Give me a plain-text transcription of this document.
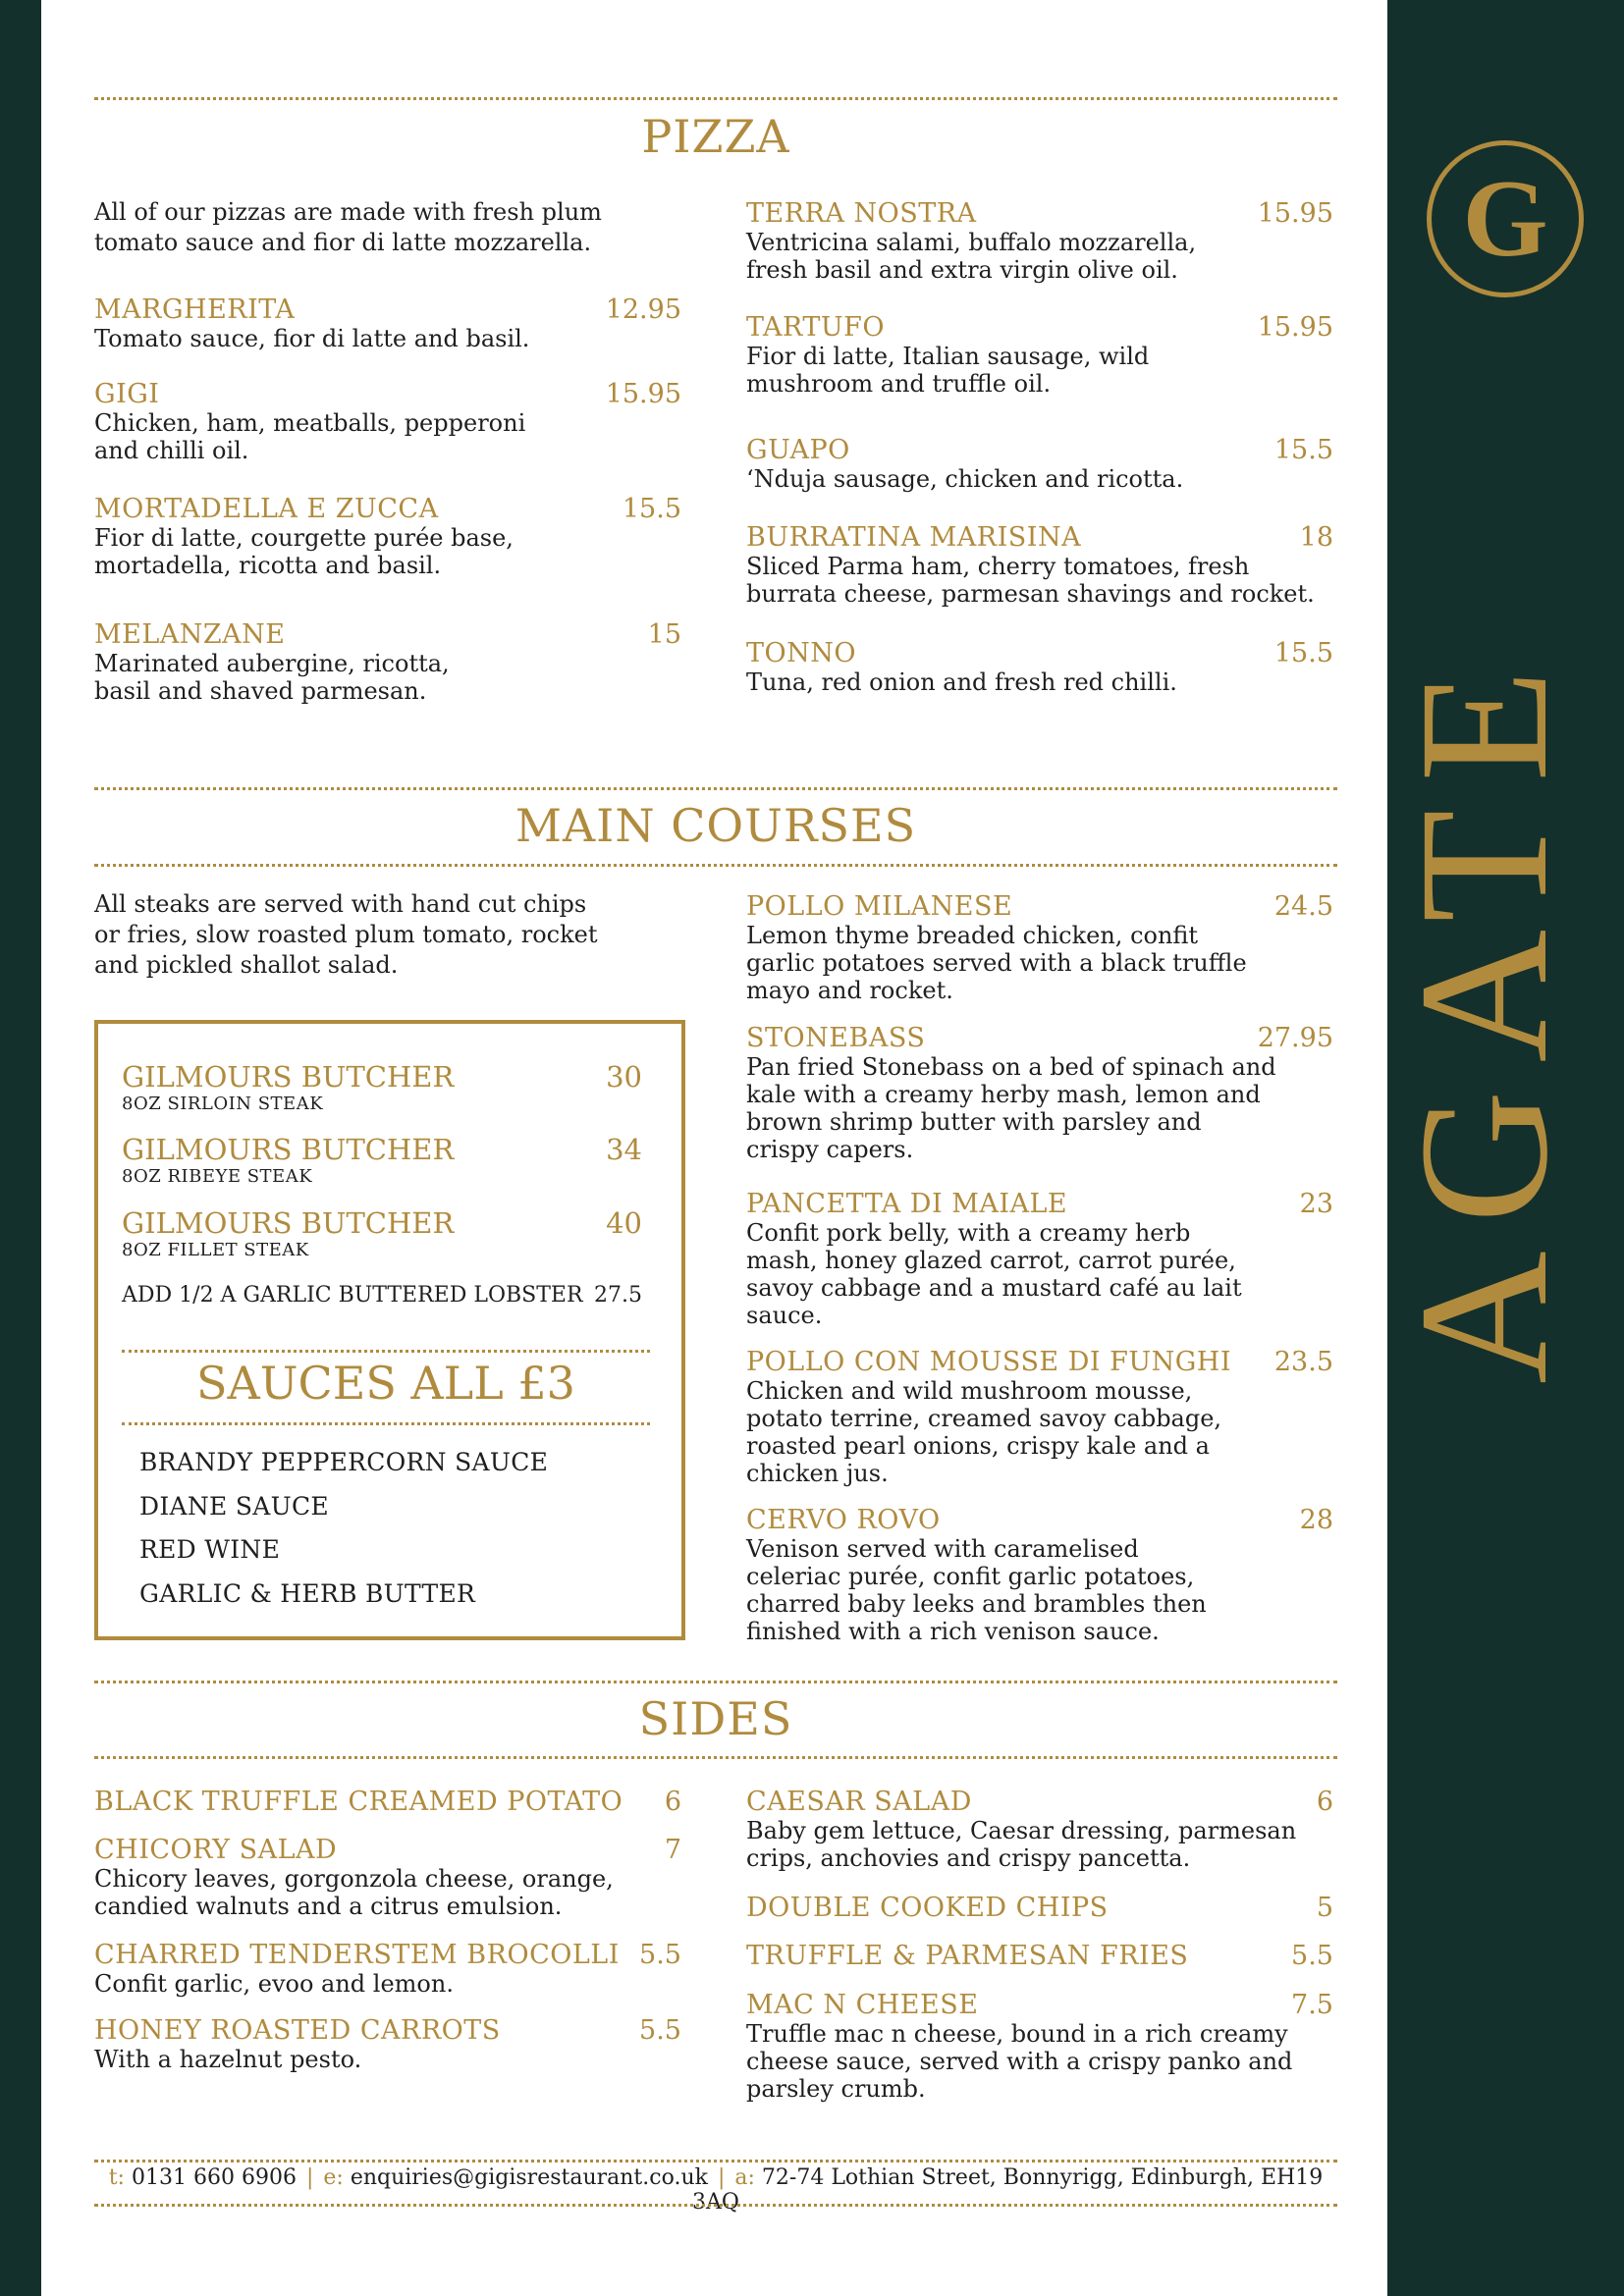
G
AGATE
PIZZA
All of our pizzas are made with fresh plum tomato sauce and fior di latte mozzarella.
MARGHERITA	12.95
Tomato sauce, fior di latte and basil.
GIGI	15.95
Chicken, ham, meatballs, pepperoni and chilli oil.
MORTADELLA E ZUCCA	15.5
Fior di latte, courgette purée base, mortadella, ricotta and basil.
MELANZANE	15
Marinated aubergine, ricotta, basil and shaved parmesan.
TERRA NOSTRA	15.95
Ventricina salami, buffalo mozzarella, fresh basil and extra virgin olive oil.
TARTUFO	15.95
Fior di latte, Italian sausage, wild mushroom and truffle oil.
GUAPO	15.5
‘Nduja sausage, chicken and ricotta.
BURRATINA MARISINA	18
Sliced Parma ham, cherry tomatoes, fresh burrata cheese, parmesan shavings and rocket.
TONNO	15.5
Tuna, red onion and fresh red chilli.
MAIN COURSES
All steaks are served with hand cut chips or fries, slow roasted plum tomato, rocket and pickled shallot salad.
GILMOURS BUTCHER	30
8OZ SIRLOIN STEAK
GILMOURS BUTCHER	34
8OZ RIBEYE STEAK
GILMOURS BUTCHER	40
8OZ FILLET STEAK
ADD 1/2 A GARLIC BUTTERED LOBSTER 27.5
SAUCES ALL £3
BRANDY PEPPERCORN SAUCE
DIANE SAUCE
RED WINE
GARLIC & HERB BUTTER
POLLO MILANESE	24.5
Lemon thyme breaded chicken, confit garlic potatoes served with a black truffle mayo and rocket.
STONEBASS	27.95
Pan fried Stonebass on a bed of spinach and kale with a creamy herby mash, lemon and brown shrimp butter with parsley and crispy capers.
PANCETTA DI MAIALE	23
Confit pork belly, with a creamy herb mash, honey glazed carrot, carrot purée, savoy cabbage and a mustard café au lait sauce.
POLLO CON MOUSSE DI FUNGHI 23.5
Chicken and wild mushroom mousse, potato terrine, creamed savoy cabbage, roasted pearl onions, crispy kale and a chicken jus.
CERVO ROVO	28
Venison served with caramelised celeriac purée, confit garlic potatoes, charred baby leeks and brambles then finished with a rich venison sauce.
SIDES
BLACK TRUFFLE CREAMED POTATO 6
CHICORY SALAD	7
Chicory leaves, gorgonzola cheese, orange, candied walnuts and a citrus emulsion.
CHARRED TENDERSTEM BROCOLLI 5.5
Confit garlic, evoo and lemon.
HONEY ROASTED CARROTS	5.5
With a hazelnut pesto.
CAESAR SALAD	6
Baby gem lettuce, Caesar dressing, parmesan crips, anchovies and crispy pancetta.
DOUBLE COOKED CHIPS	5
TRUFFLE & PARMESAN FRIES	5.5
MAC N CHEESE	7.5
Truffle mac n cheese, bound in a rich creamy cheese sauce, served with a crispy panko and parsley crumb.
t: 0131 660 6906 | e: enquiries@gigisrestaurant.co.uk | a: 72-74 Lothian Street, Bonnyrigg, Edinburgh, EH19 3AQ
